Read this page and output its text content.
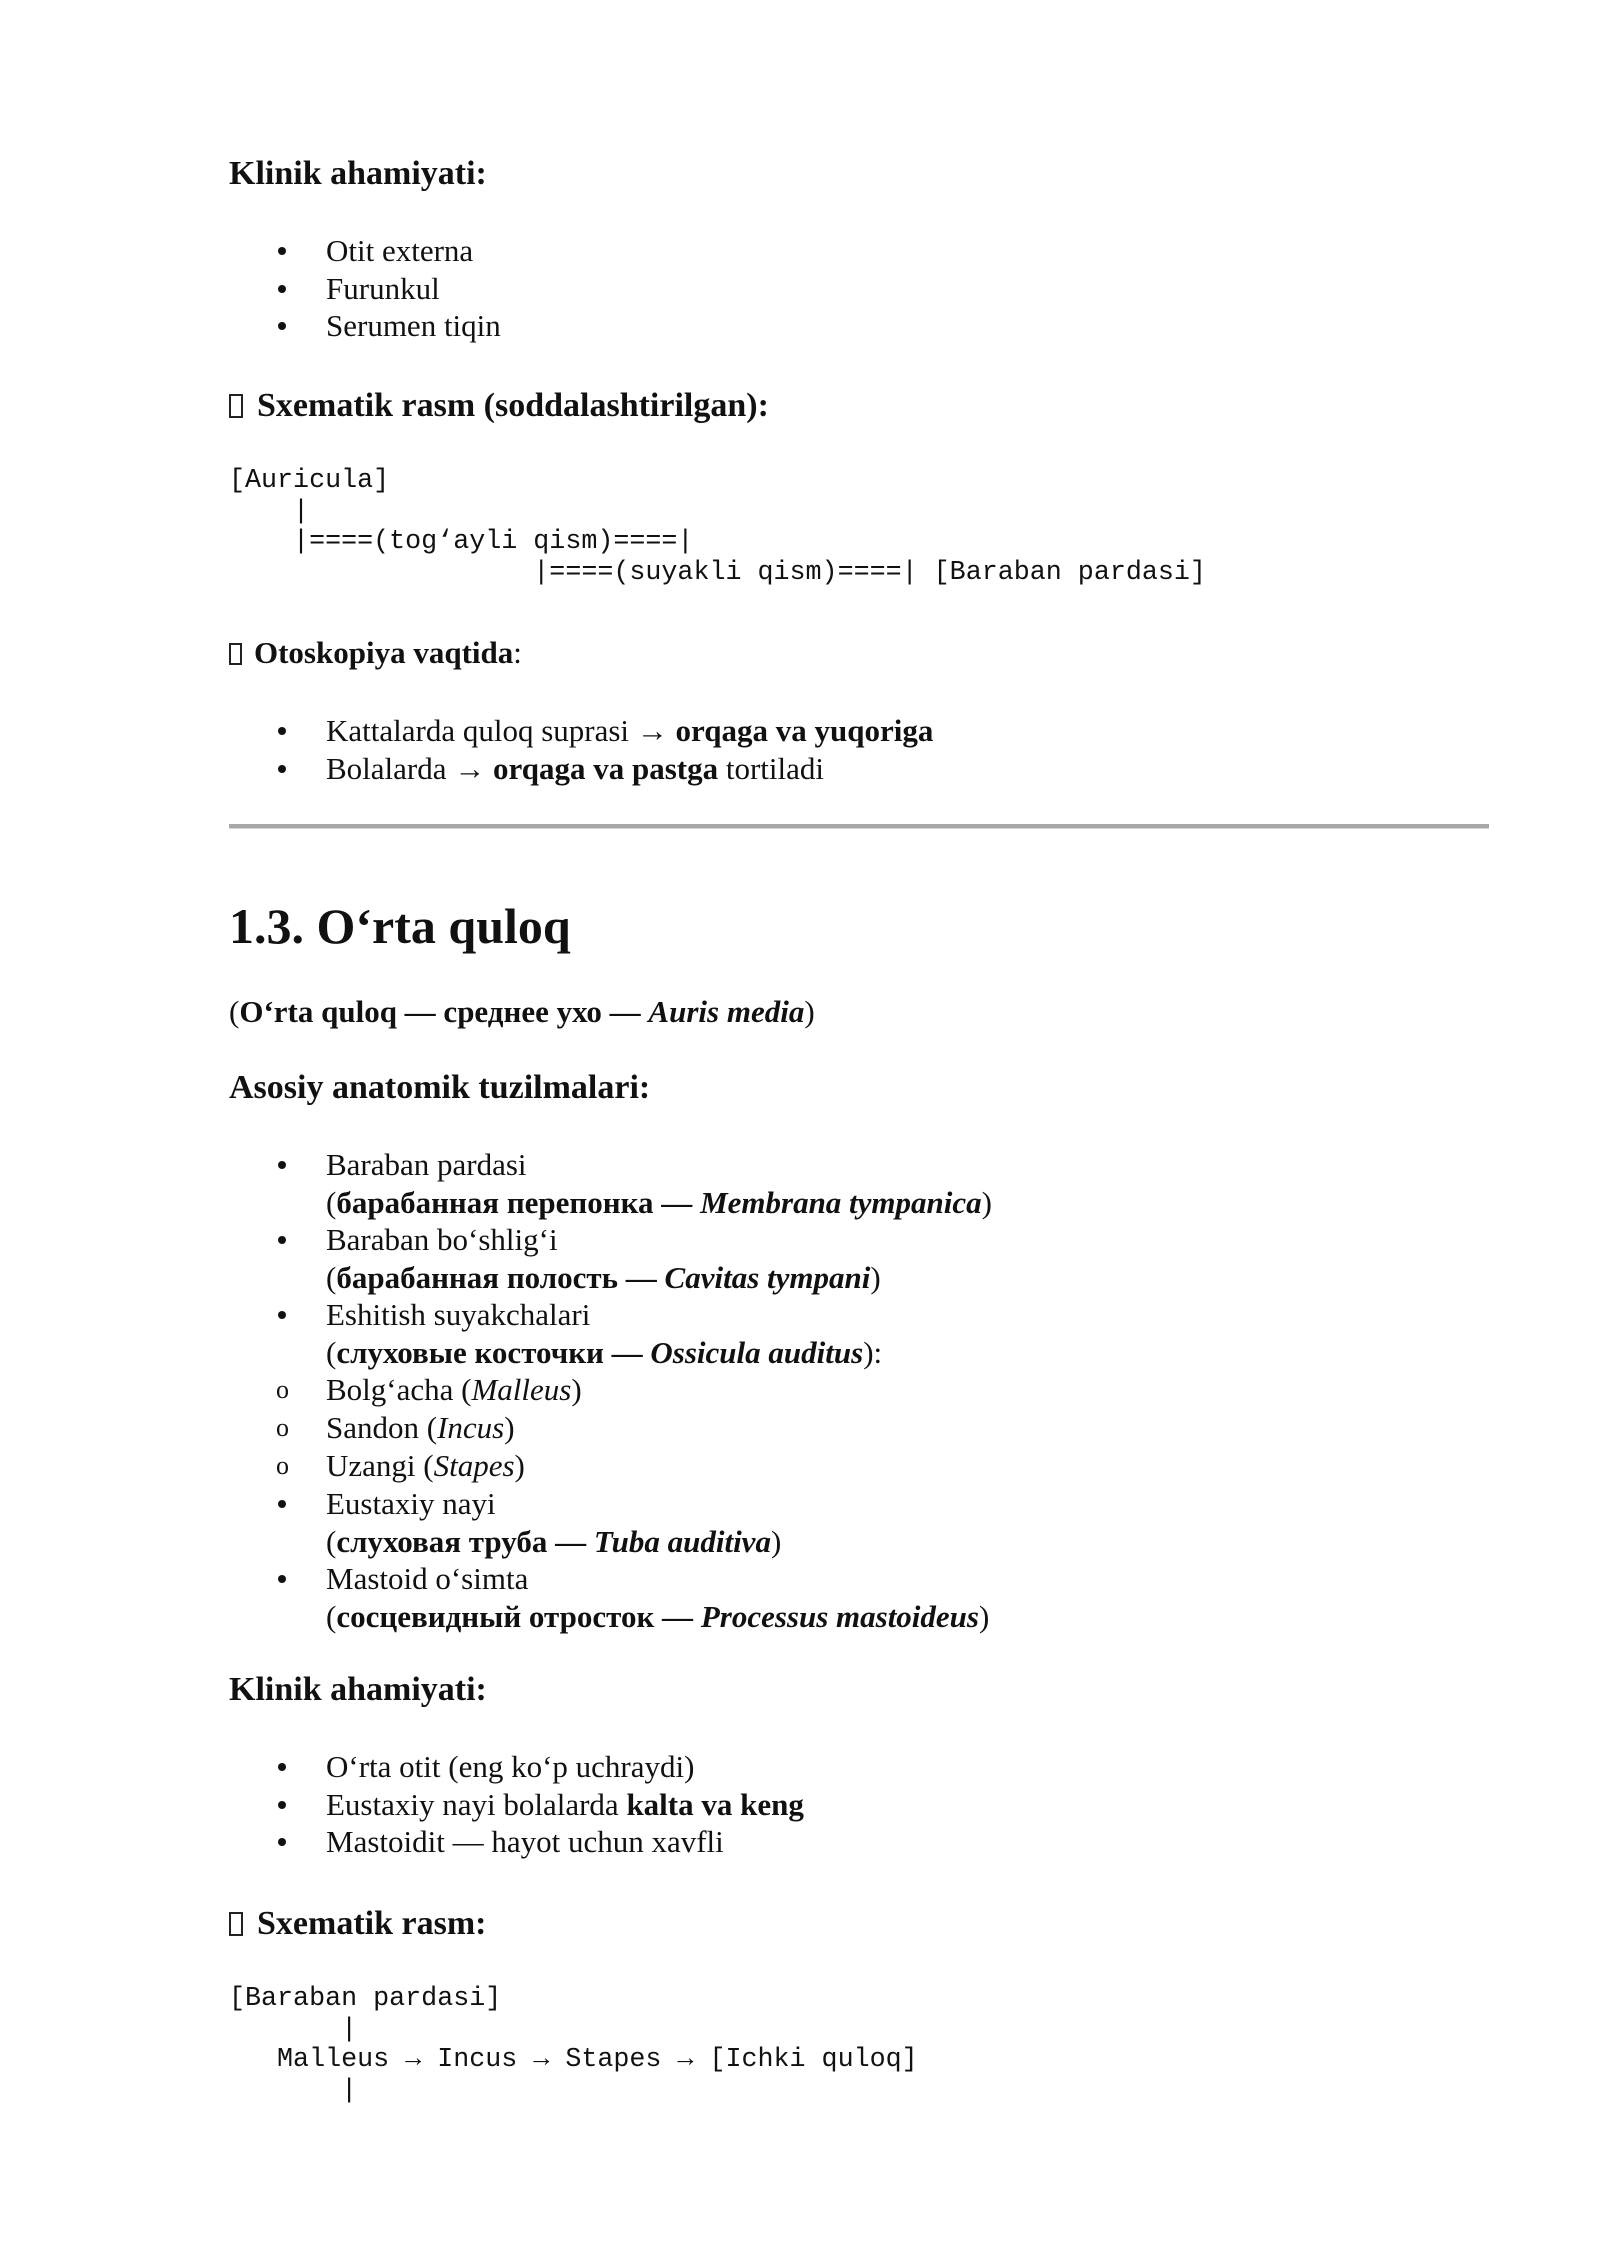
Klinik ahamiyati:
Otit externa
Furunkul
Serumen tiqin
Sxematik rasm (soddalashtirilgan):
[Auricula]
|
|====(tog‘ayli qism)====|
|====(suyakli qism)====| [Baraban pardasi]

Otoskopiya vaqtida:

Kattalarda quloq suprasi → orqaga va yuqoriga
Bolalarda → orqaga va pastga tortiladi
1.3. O‘rta quloq

(O‘rta quloq — среднее ухо — Auris media)

Asosiy anatomik tuzilmalari:
Baraban pardasi
(барабанная перепонка — Membrana tympanica)
Baraban bo‘shlig‘i
(барабанная полость — Cavitas tympani)
Eshitish suyakchalari
(слуховые косточки — Ossicula auditus):
o Bolg‘acha (Malleus)
o Sandon (Incus)
o Uzangi (Stapes)
Eustaxiy nayi
(слуховая труба — Tuba auditiva)
Mastoid o‘simta
(сосцевидный отросток — Processus mastoideus)
Klinik ahamiyati:
O‘rta otit (eng ko‘p uchraydi)
Eustaxiy nayi bolalarda kalta va keng
Mastoidit — hayot uchun xavfli
Sxematik rasm:
[Baraban pardasi]
|
Malleus → Incus → Stapes → [Ichki quloq]
|
